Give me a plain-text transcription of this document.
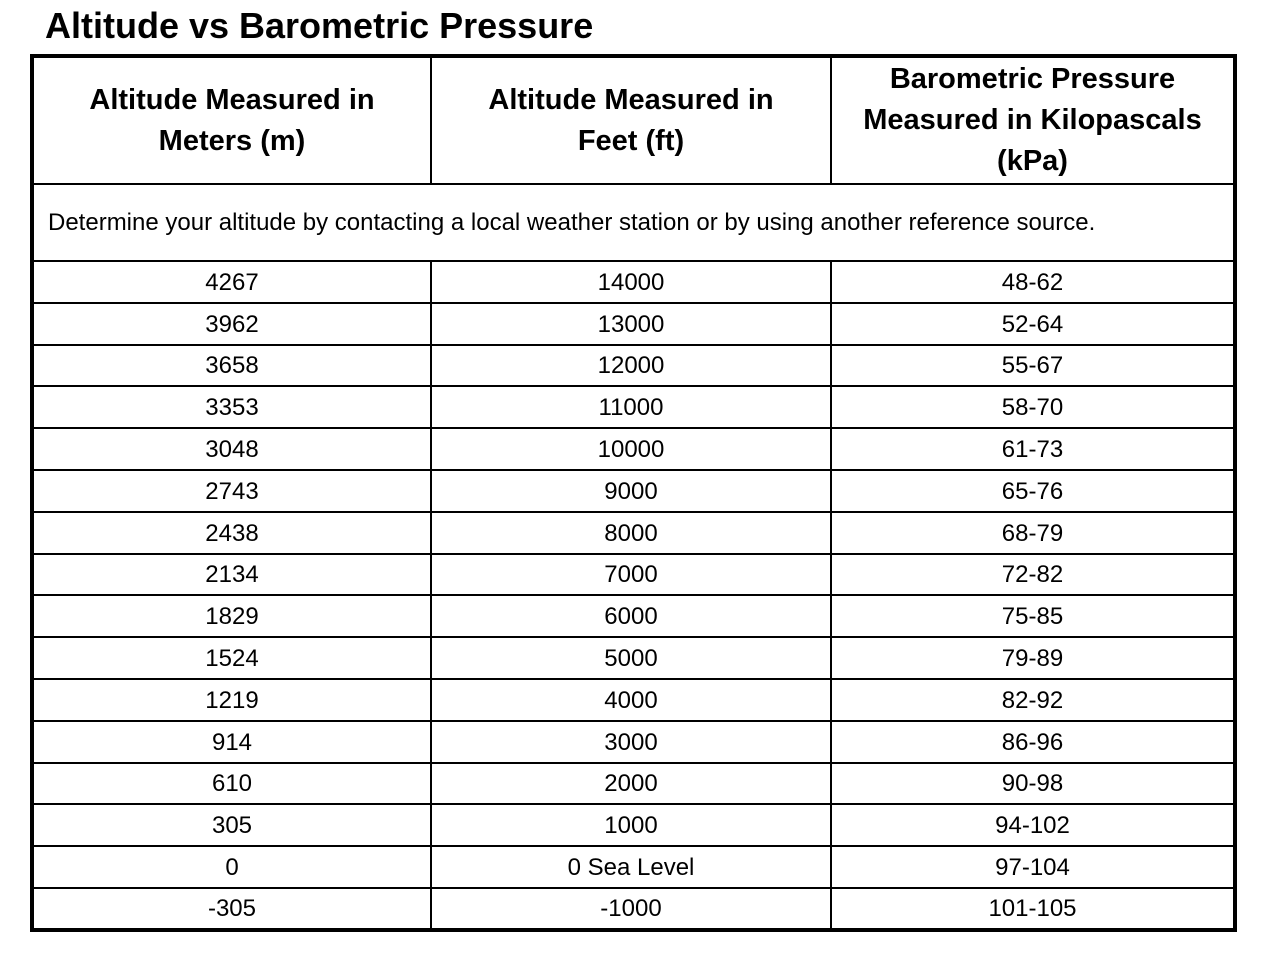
Altitude vs Barometric Pressure
Altitude Measured in Meters (m)	Altitude Measured in Feet (ft)	Barometric Pressure Measured in Kilopascals (kPa)
Determine your altitude by contacting a local weather station or by using another reference source.		
4267	14000	48-62
3962	13000	52-64
3658	12000	55-67
3353	11000	58-70
3048	10000	61-73
2743	9000	65-76
2438	8000	68-79
2134	7000	72-82
1829	6000	75-85
1524	5000	79-89
1219	4000	82-92
914	3000	86-96
610	2000	90-98
305	1000	94-102
0	0 Sea Level	97-104
-305	-1000	101-105
